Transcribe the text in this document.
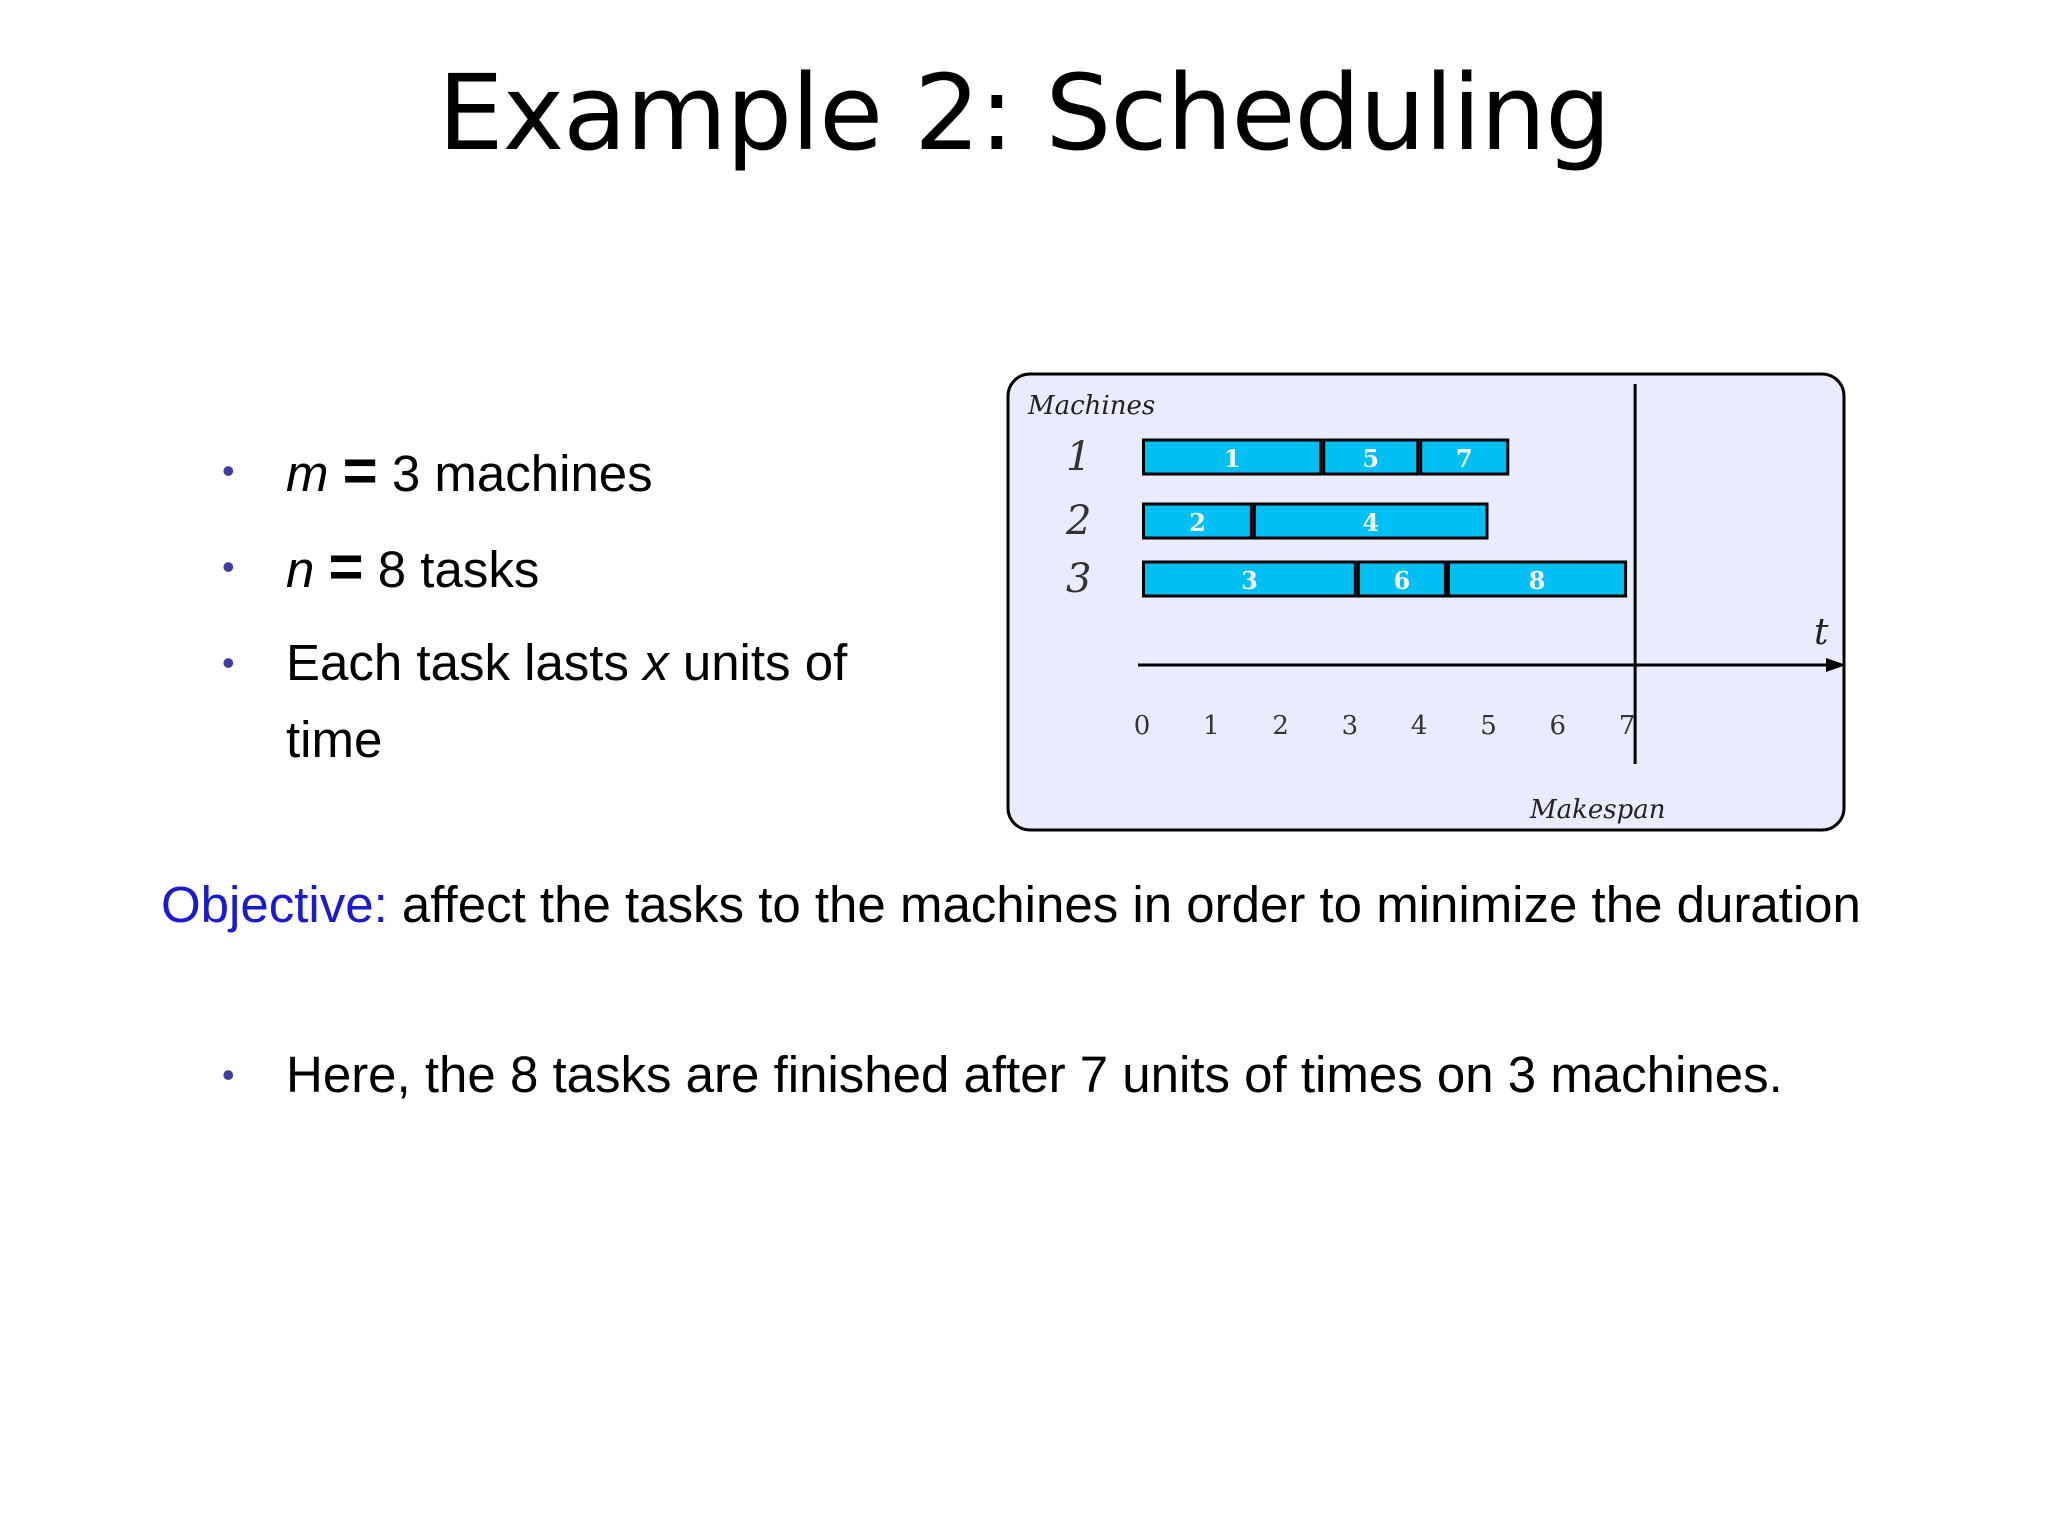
Example 2: Scheduling
• m = 3 machines
• n = 8 tasks
• Each task lasts x units of time
Machines
1
2
3
1	5	7
2	4
3	6	8
t
0 1 2 3 4 5 6 7
Makespan
Objective: affect the tasks to the machines in order to minimize the duration
• Here, the 8 tasks are finished after 7 units of times on 3 machines.
